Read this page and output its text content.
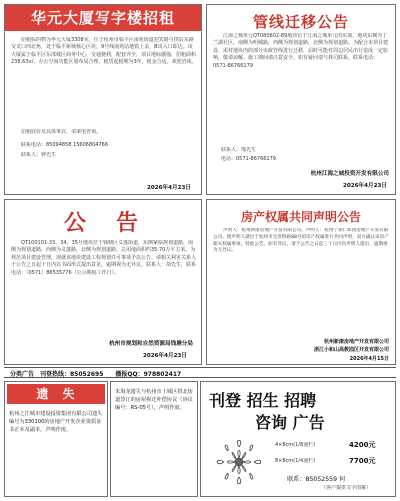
华元大厦写字楼招租
招租标的物为华元大厦3308室，位于杭州市临平区南苑街道迎宾路与拱辰东路交叉口西北角，处于临平新城核心区块，9号线南苑站地铁上盖，B出入口即达。该大厦属于临平区东部城区商务中心，交通便利，配套齐全，项目地标感强。招租面积238.63㎡，办公空间功能区划布局合理，租赁起租期为3年，租金合适，欢迎洽谈。
招租底价及具体事宜，请来电咨询。
联系电话：85094858 15606804766
联系人：钟先生
2026年4月23日
管线迁移公告
江海之城单元QT080602-89地块位于江海之城单元的东部，地块东侧为丁兰湖社区，南侧为明城路，西侧为规划道路，北侧为规划道路。为配合本项目建设，需对地块内的部分市政管线进行迁移，届时可能对周边居民出行造成一定影响，敬请谅解。施工期间请注意安全，如有疑问请与我司联系。联系电话：0571-86766179
联系人：邢先生
电话：0571-86766179
杭州江海之城投资开发有限公司
2026年4月23日
公　告
QT100101-33、34、35号地块位于钱塘区义蓬街道，东侧紧临规划道路，南侧为规划道路，西侧为义蓬路，北侧为规划道路，总用地面积约35.70万平方米。为规范项目建设管理，现就该地块建设工程规划许可事项予以公告。请相关利害关系人于公告之日起十日内以书面形式提出意见，逾期视为无异议。联系人：胡先生，联系电话：（0571）86535776（公示期间工作日）。
杭州市规划和自然资源局钱塘分局
2026年4月23日
房产权属共同声明公告
声明人：杭州新康房地产开发有限公司。声明人：杭州宁知仁和园房地产开发有限公司。现声明人就位于杭州市宝善桥路88号的房产权属进行共同声明，双方确认该房产相关权属事项，特此公告。如有异议，请于公告之日起三十日内向声明人提出，逾期视为无异议。
杭州新康房地产开发有限公司
浙江小和山高教园区开发有限公司
2026年4月15日
分类广告　刊登热线：85052695　　播报QQ：978802417
遗　失
杭州之江城市建设投资集团有限公司遗失编号为330100的房地产开发企业资质证书正本及副本，声明作废。
朱海龙遗失与杭州市上城区拱北街道签订的房屋拆迁补偿协议（协议编号：RS-05号），声明作废。	刊登 招生 招聘
咨询 广告
4×8cm(1/8通栏)	4200元
8×8cm(1/4通栏)	7700元
联系：85052559 何
（客户提供文字图案）
